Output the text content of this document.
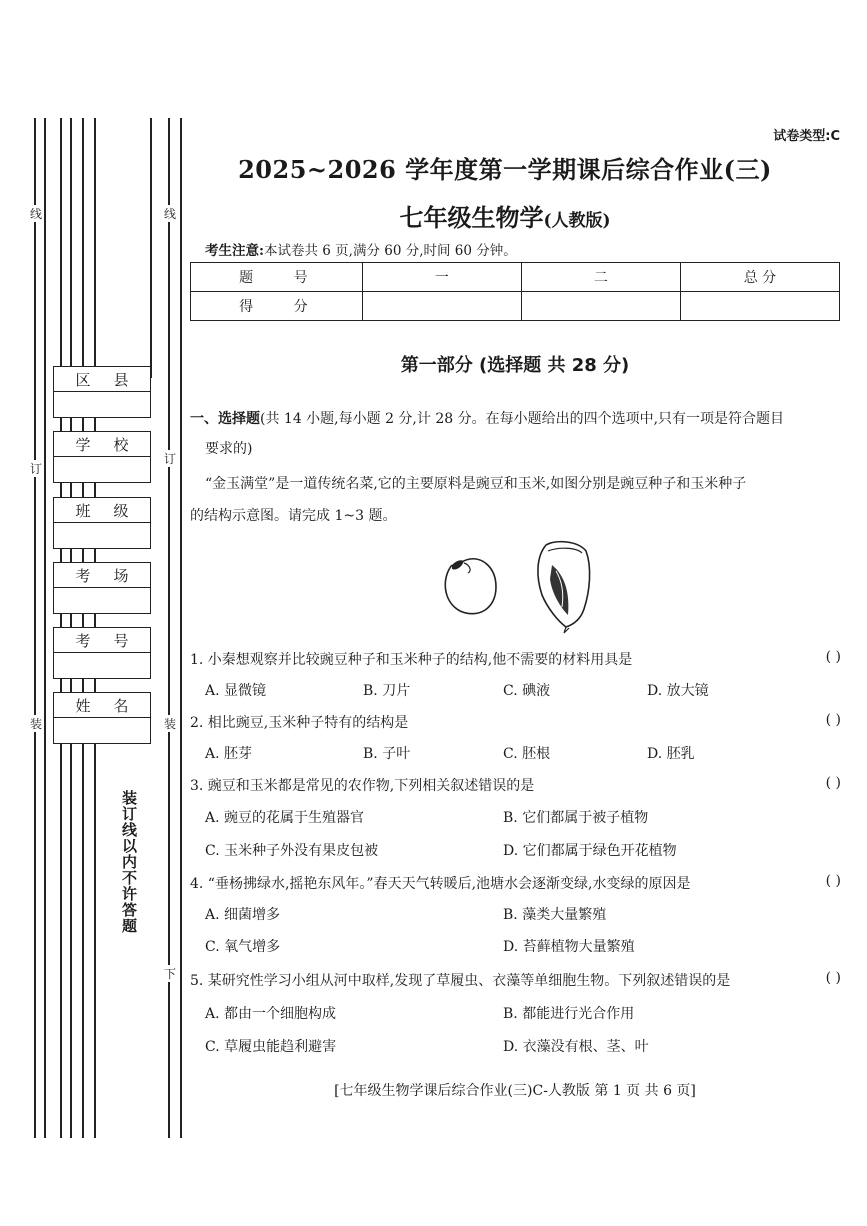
线
订
装
线
订
装
下
区 县
学 校
班 级
考 场
考 号
姓 名
装订线以内不许答题
试卷类型:C
2025~2026 学年度第一学期课后综合作业(三)
七年级生物学(人教版)
考生注意:本试卷共 6 页,满分 60 分,时间 60 分钟。
题 号	一	二	总 分
得 分			
第一部分 (选择题 共 28 分)
一、选择题(共 14 小题,每小题 2 分,计 28 分。在每小题给出的四个选项中,只有一项是符合题目
要求的)
“金玉满堂”是一道传统名菜,它的主要原料是豌豆和玉米,如图分别是豌豆种子和玉米种子
的结构示意图。请完成 1~3 题。
1. 小秦想观察并比较豌豆种子和玉米种子的结构,他不需要的材料用具是	( )
A. 显微镜	B. 刀片	C. 碘液	D. 放大镜
2. 相比豌豆,玉米种子特有的结构是	( )
A. 胚芽	B. 子叶	C. 胚根	D. 胚乳
3. 豌豆和玉米都是常见的农作物,下列相关叙述错误的是	( )
A. 豌豆的花属于生殖器官	B. 它们都属于被子植物
C. 玉米种子外没有果皮包被	D. 它们都属于绿色开花植物
4. “垂杨拂绿水,摇艳东风年。”春天天气转暖后,池塘水会逐渐变绿,水变绿的原因是	( )
A. 细菌增多	B. 藻类大量繁殖
C. 氧气增多	D. 苔藓植物大量繁殖
5. 某研究性学习小组从河中取样,发现了草履虫、衣藻等单细胞生物。下列叙述错误的是	( )
A. 都由一个细胞构成	B. 都能进行光合作用
C. 草履虫能趋利避害	D. 衣藻没有根、茎、叶
[七年级生物学课后综合作业(三)C-人教版 第 1 页 共 6 页]
